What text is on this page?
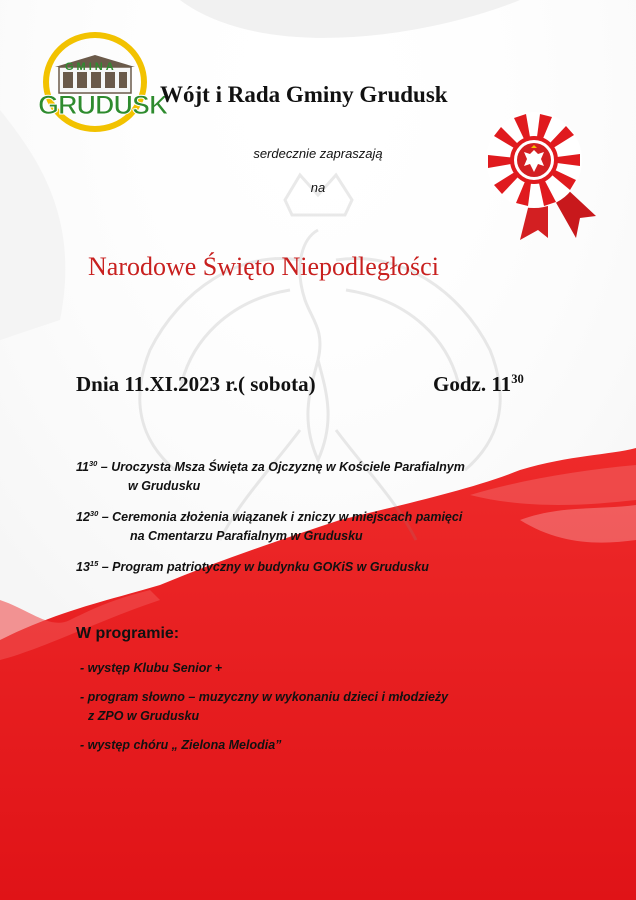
GMINA
GRUDUSK
Wójt i Rada Gminy Grudusk
serdecznie zapraszają
na
Narodowe Święto Niepodległości
Dnia 11.XI.2023 r.( sobota)	Godz. $11^{30}$
$11^{30}$ – Uroczysta Msza Święta za Ojczyznę w Kościele Parafialnym
w Grudusku
$12^{30}$ – Ceremonia złożenia wiązanek i zniczy w miejscach pamięci
na Cmentarzu Parafialnym w Grudusku
$13^{15}$ – Program patriotyczny w budynku GOKiS w Grudusku
W programie:
- występ Klubu Senior +
- program słowno – muzyczny w wykonaniu dzieci i młodzieży
z ZPO w Grudusku
- występ chóru „ Zielona Melodia”
